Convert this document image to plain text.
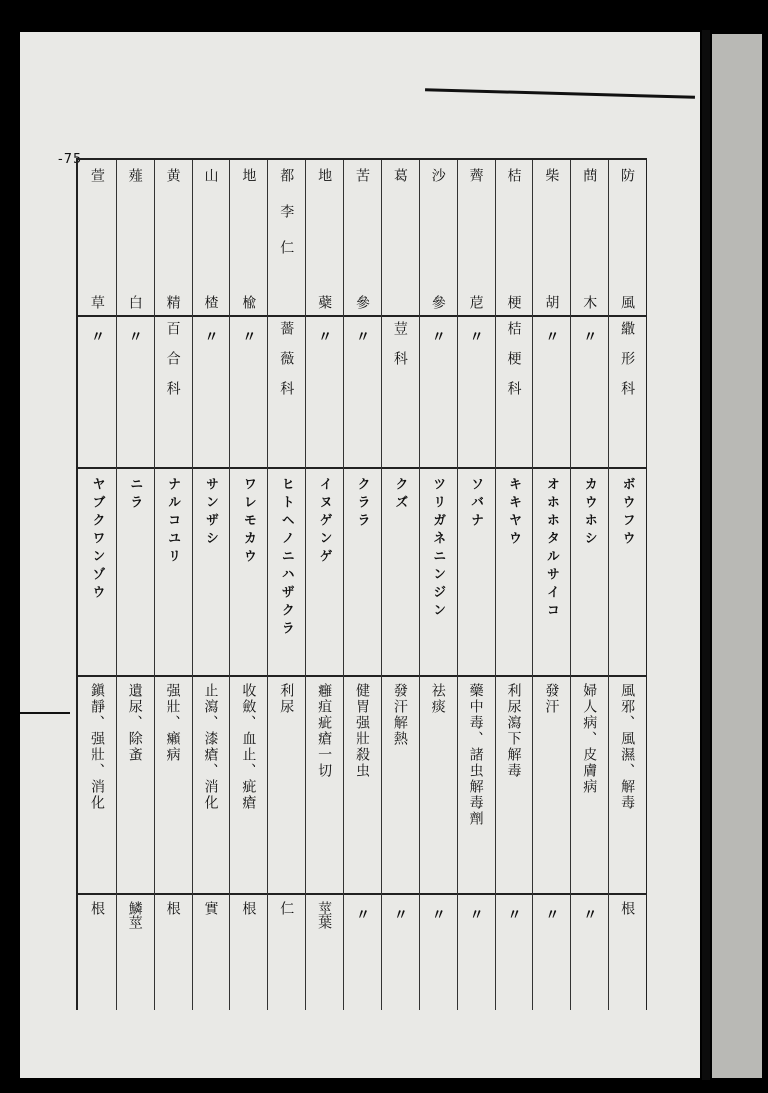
-75-
防
風
繖形科
ボウフウ
風邪、風濕、解毒
根
蔄
木
〃
カウホシ
婦人病、皮膚病
〃
柴
胡
〃
オホホタルサイコ
發汗
〃
桔
梗
桔梗科
キキヤウ
利尿瀉下解毒
〃
薺
苨
〃
ソバナ
藥中毒、諸虫解毒劑
〃
沙
參
〃
ツリガネニンジン
祛痰
〃
葛
荳科
クズ
發汗解熱
〃
苦
參
〃
クララ
健胃强壯殺虫
〃
地
蘗
〃
イヌゲンゲ
癰疽疵瘡一切
莖葉
都李仁
薔薇科
ヒトヘノニハザクラ
利尿
仁
地
楡
〃
ワレモカウ
收斂、血止、疵瘡
根
山
楂
〃
サンザシ
止瀉、漆瘡、消化
實
黄
精
百合科
ナルコユリ
强壯、癩病
根
薤
白
〃
ニラ
遺尿、除蚉
鱗莖
萱
草
〃
ヤブクワンゾウ
鎭靜、强壯、消化
根
